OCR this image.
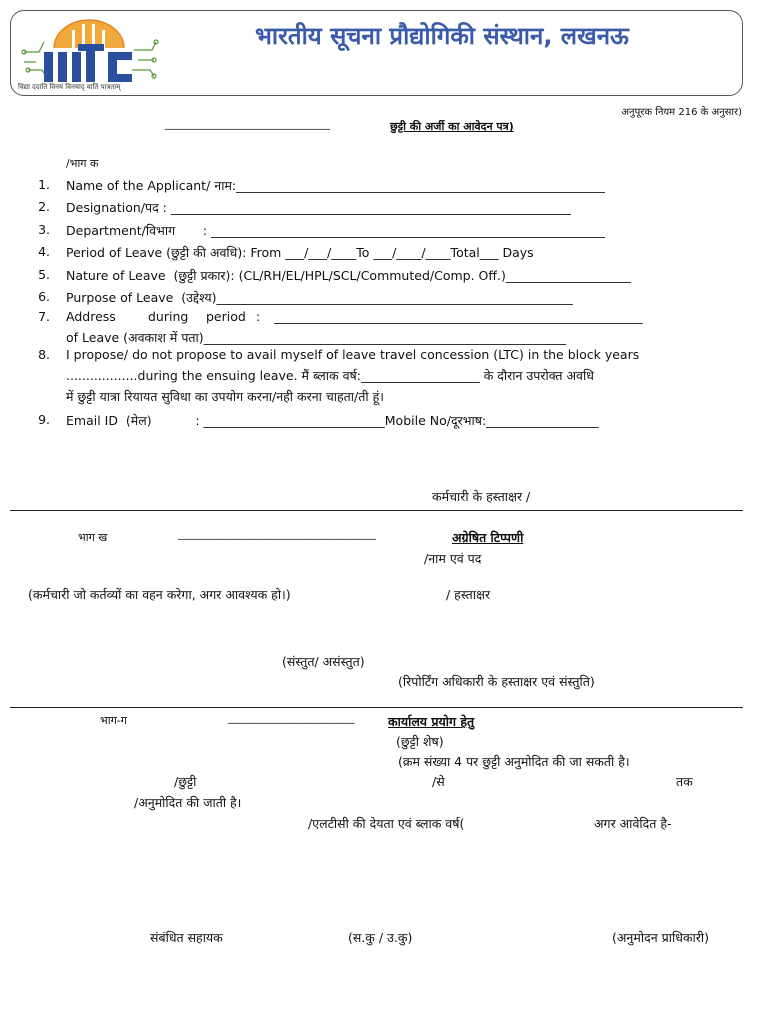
विद्या ददाति विनयं विनयाद् याति पात्रताम्
भारतीय सूचना प्रौद्योगिकी संस्थान, लखनऊ
अनुपूरक नियम 216 के अनुसार)
______________________________	छुट्टी की अर्जी का आवेदन पत्र)
/भाग क
1. Name of the Applicant/ नाम:___________________________________________________________
2. Designation/पद : ________________________________________________________________
3. Department/विभाग       : _______________________________________________________________
4. Period of Leave (छुट्टी की अवधि): From ___/___/____To ___/____/____Total___ Days
5. Nature of Leave  (छुट्टी प्रकार): (CL/RH/EL/HPL/SCL/Commuted/Comp. Off.)____________________
6. Purpose of Leave  (उद्देश्य)_________________________________________________________
7. Address	during period : ___________________________________________________________
of Leave (अवकाश में पता)__________________________________________________________
8. I propose/ do not propose to avail myself of leave travel concession (LTC) in the block years
..................during the ensuing leave. मैं ब्लाक वर्ष:___________________ के दौरान उपरोक्त अवधि
में छुट्टी यात्रा रियायत सुविधा का उपयोग करना/नही करना चाहता/ती हूं।
9. Email ID  (मेल)           : _____________________________Mobile No/दूरभाष:__________________
कर्मचारी के हस्ताक्षर /
भाग ख	____________________________________	अग्रेषित टिप्पणी
/नाम एवं पद
(कर्मचारी जो कर्तव्यों का वहन करेगा, अगर आवश्यक हो।)	/ हस्ताक्षर
(संस्तुत/ असंस्तुत)
(रिपोर्टिंग अधिकारी के हस्ताक्षर एवं संस्तुति)
भाग-ग	_______________________	कार्यालय प्रयोग हेतु
(छुट्टी शेष)
(क्रम संख्या 4 पर छुट्टी अनुमोदित की जा सकती है।
/छुट्टी	/से	तक
/अनुमोदित की जाती है।
/एलटीसी की देयता एवं ब्लाक वर्ष(	अगर आवेदित है-
संबंधित सहायक	(स.कु / उ.कु)	(अनुमोदन प्राधिकारी)
